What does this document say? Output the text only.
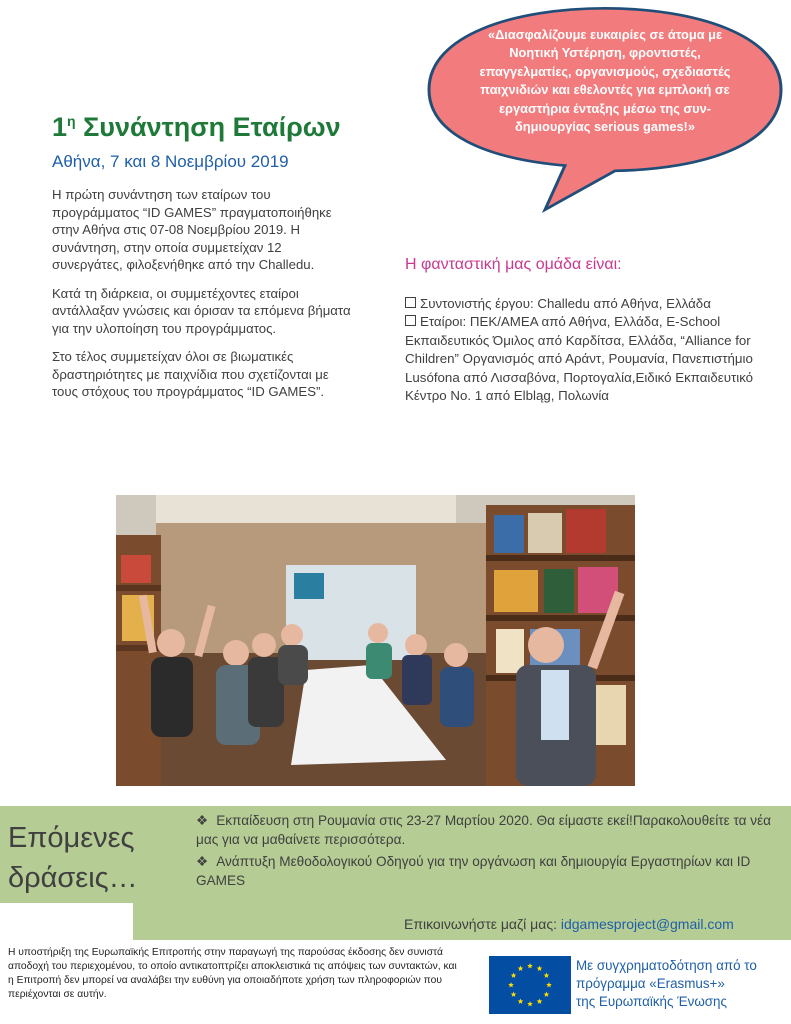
$1^\eta$ Συνάντηση Εταίρων
Αθήνα, 7 και 8 Νοεμβρίου 2019

Η πρώτη συνάντηση των εταίρων του προγράμματος “ID GAMES” πραγματοποιήθηκε στην Αθήνα στις 07-08 Νοεμβρίου 2019. Η συνάντηση, στην οποία συμμετείχαν 12 συνεργάτες, φιλοξενήθηκε από την Challedu.

Κατά τη διάρκεια, οι συμμετέχοντες εταίροι αντάλλαξαν γνώσεις και όρισαν τα επόμενα βήματα για την υλοποίηση του προγράμματος.

Στο τέλος συμμετείχαν όλοι σε βιωματικές δραστηριότητες με παιχνίδια που σχετίζονται με τους στόχους του προγράμματος “ID GAMES”.

«Διασφαλίζουμε ευκαιρίες σε άτομα με Νοητική Υστέρηση, φροντιστές, επαγγελματίες, οργανισμούς, σχεδιαστές παιχνιδιών και εθελοντές για εμπλοκή σε εργαστήρια ένταξης μέσω της συν-δημιουργίας serious games!»
Η φανταστική μας ομάδα είναι:
Συντονιστής έργου: Challedu από Αθήνα, Ελλάδα
Εταίροι: ΠΕΚ/ΑΜΕΑ από Αθήνα, Ελλάδα, E-School Εκπαιδευτικός Όμιλος από Καρδίτσα, Ελλάδα, “Alliance for Children” Οργανισμός από Αράντ, Ρουμανία, Πανεπιστήμιο Lusófona από Λισσαβόνα, Πορτογαλία,Ειδικό Εκπαιδευτικό Κέντρο No. 1 από Elbląg, Πολωνία
Επόμενες
δράσεις…

❖ Εκπαίδευση στη Ρουμανία στις 23-27 Μαρτίου 2020. Θα είμαστε εκεί!Παρακολουθείτε τα νέα μας για να μαθαίνετε περισσότερα.

❖ Ανάπτυξη Μεθοδολογικού Οδηγού για την οργάνωση και δημιουργία Εργαστηρίων και ID GAMES

Επικοινωνήστε μαζί μας: idgamesproject@gmail.com
Η υποστήριξη της Ευρωπαϊκής Επιτροπής στην παραγωγή της παρούσας έκδοσης δεν συνιστά αποδοχή του περιεχομένου, το οποίο αντικατοπτρίζει αποκλειστικά τις απόψεις των συντακτών, και η Επιτροπή δεν μπορεί να αναλάβει την ευθύνη για οποιαδήποτε χρήση των πληροφοριών που περιέχονται σε αυτήν.
Με συγχρηματοδότηση από το
πρόγραμμα «Erasmus+»
της Ευρωπαϊκής Ένωσης
